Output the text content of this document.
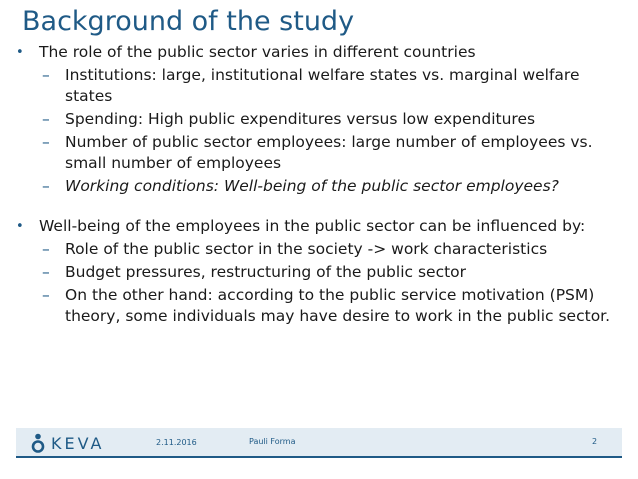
Background of the study
• The role of the public sector varies in different countries
– Institutions: large, institutional welfare states vs. marginal welfare states
– Spending: High public expenditures versus low expenditures
– Number of public sector employees: large number of employees vs. small number of employees
– Working conditions: Well-being of the public sector employees?
• Well-being of the employees in the public sector can be influenced by:
– Role of the public sector in the society -> work characteristics
– Budget pressures, restructuring of the public sector
– On the other hand: according to the public service motivation (PSM) theory, some individuals may have desire to work in the public sector.
KEVA	2.11.2016	Pauli Forma	2
